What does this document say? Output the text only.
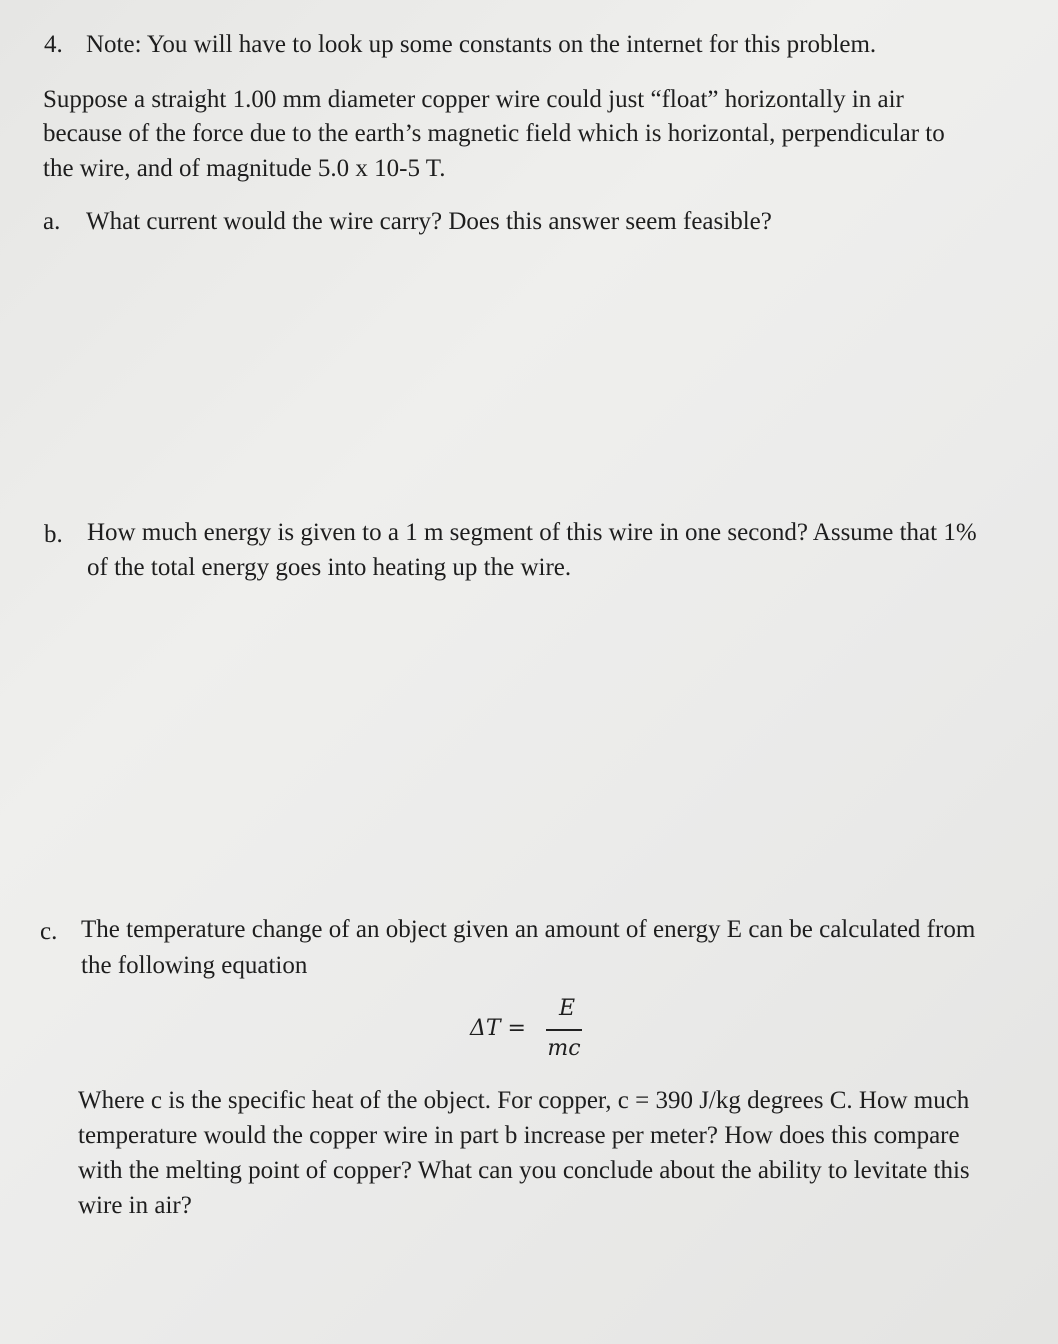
4. Note: You will have to look up some constants on the internet for this problem.

Suppose a straight 1.00 mm diameter copper wire could just “float” horizontally in air

because of the force due to the earth’s magnetic field which is horizontal, perpendicular to

the wire, and of magnitude 5.0 x 10-5 T.

a. What current would the wire carry? Does this answer seem feasible?

b. How much energy is given to a 1 m segment of this wire in one second? Assume that 1%

of the total energy goes into heating up the wire.

c. The temperature change of an object given an amount of energy E can be calculated from

the following equation

ΔT =
E
mc

Where c is the specific heat of the object. For copper, c = 390 J/kg degrees C. How much

temperature would the copper wire in part b increase per meter? How does this compare

with the melting point of copper? What can you conclude about the ability to levitate this

wire in air?
